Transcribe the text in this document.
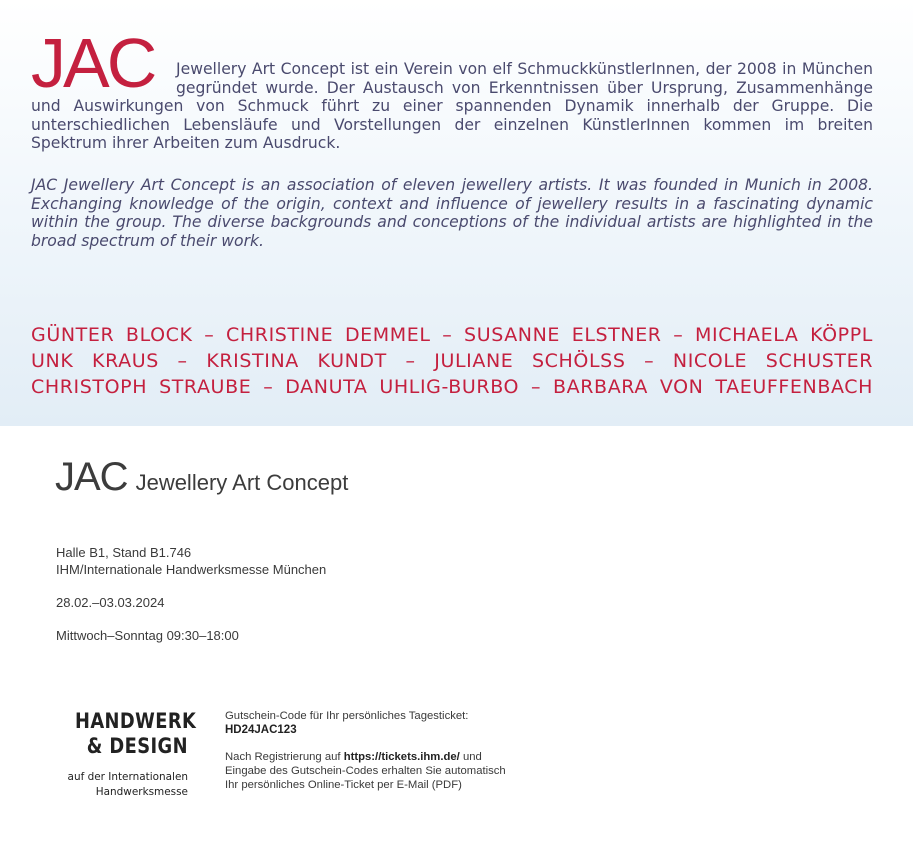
JAC	Jewellery Art Concept ist ein Verein von elf SchmuckkünstlerInnen, der 2008 in München gegründet wurde. Der Austausch von Erkenntnissen über Ursprung, Zusammenhänge und Auswirkungen von Schmuck führt zu einer spannenden Dynamik innerhalb der Gruppe. Die unterschiedlichen Lebensläufe und Vorstellungen der einzelnen KünstlerInnen kommen im breiten Spektrum ihrer Arbeiten zum Ausdruck.
JAC Jewellery Art Concept is an association of eleven jewellery artists. It was founded in Munich in 2008. Exchanging knowledge of the origin, context and influence of jewellery results in a fascinating dynamic within the group. The diverse backgrounds and conceptions of the individual artists are highlighted in the broad spectrum of their work.
GÜNTER BLOCK – CHRISTINE DEMMEL – SUSANNE ELSTNER – MICHAELA KÖPPL
UNK KRAUS – KRISTINA KUNDT – JULIANE SCHÖLSS – NICOLE SCHUSTER
CHRISTOPH STRAUBE – DANUTA UHLIG-BURBO – BARBARA VON TAEUFFENBACH
JAC Jewellery Art Concept
Halle B1, Stand B1.746
IHM/Internationale Handwerksmesse München
28.02.–03.03.2024
Mittwoch–Sonntag 09:30–18:00
HANDWERK
& DESIGN
auf der Internationalen
Handwerksmesse
Gutschein-Code für Ihr persönliches Tagesticket:
HD24JAC123
Nach Registrierung auf https://tickets.ihm.de/ und
Eingabe des Gutschein-Codes erhalten Sie automatisch
Ihr persönliches Online-Ticket per E-Mail (PDF)
